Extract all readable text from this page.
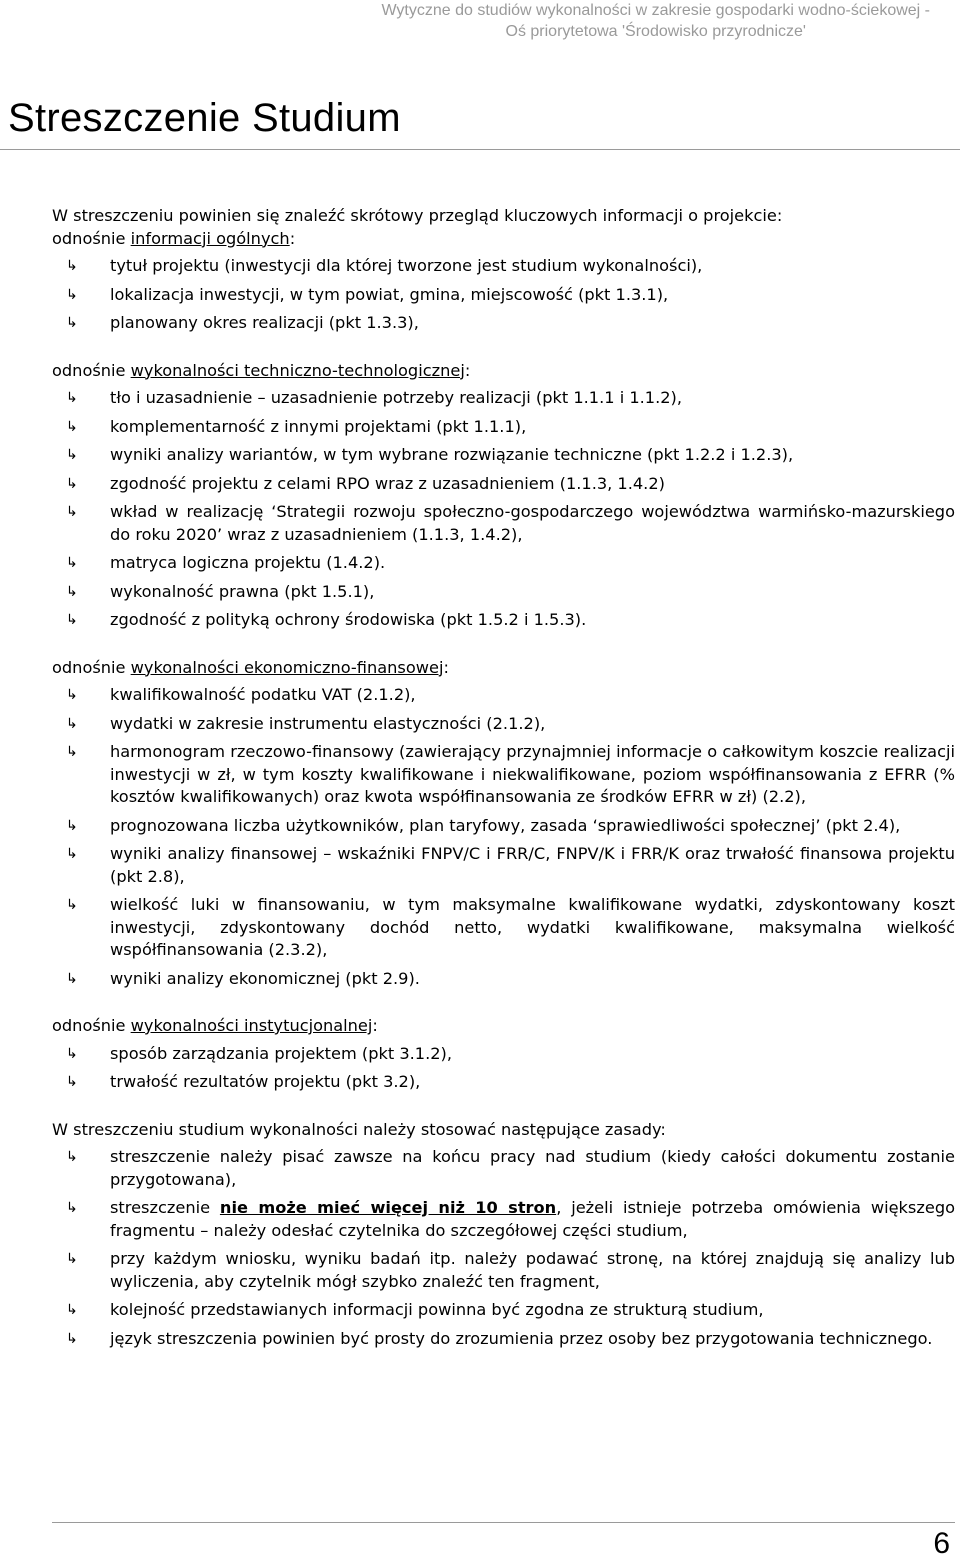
Wytyczne do studiów wykonalności w zakresie gospodarki wodno-ściekowej -
Oś priorytetowa 'Środowisko przyrodnicze'
Streszczenie Studium

W streszczeniu powinien się znaleźć skrótowy przegląd kluczowych informacji o projekcie:

odnośnie informacji ogólnych:

↳ tytuł projektu (inwestycji dla której tworzone jest studium wykonalności),
↳ lokalizacja inwestycji, w tym powiat, gmina, miejscowość (pkt 1.3.1),
↳ planowany okres realizacji (pkt 1.3.3),

odnośnie wykonalności techniczno-technologicznej:

↳ tło i uzasadnienie – uzasadnienie potrzeby realizacji (pkt 1.1.1 i 1.1.2),
↳ komplementarność z innymi projektami (pkt 1.1.1),
↳ wyniki analizy wariantów, w tym wybrane rozwiązanie techniczne (pkt 1.2.2 i 1.2.3),
↳ zgodność projektu z celami RPO wraz z uzasadnieniem (1.1.3, 1.4.2)
↳ wkład w realizację ‘Strategii rozwoju społeczno-gospodarczego województwa warmińsko-mazurskiego do roku 2020’ wraz z uzasadnieniem (1.1.3, 1.4.2),
↳ matryca logiczna projektu (1.4.2).
↳ wykonalność prawna (pkt 1.5.1),
↳ zgodność z polityką ochrony środowiska (pkt 1.5.2 i 1.5.3).

odnośnie wykonalności ekonomiczno-finansowej:

↳ kwalifikowalność podatku VAT (2.1.2),
↳ wydatki w zakresie instrumentu elastyczności (2.1.2),
↳ harmonogram rzeczowo-finansowy (zawierający przynajmniej informacje o całkowitym koszcie realizacji inwestycji w zł, w tym koszty kwalifikowane i niekwalifikowane, poziom współfinansowania z EFRR (% kosztów kwalifikowanych) oraz kwota współfinansowania ze środków EFRR w zł) (2.2),
↳ prognozowana liczba użytkowników, plan taryfowy, zasada ‘sprawiedliwości społecznej’ (pkt 2.4),
↳ wyniki analizy finansowej – wskaźniki FNPV/C i FRR/C, FNPV/K i FRR/K oraz trwałość finansowa projektu (pkt 2.8),
↳ wielkość luki w finansowaniu, w tym maksymalne kwalifikowane wydatki, zdyskontowany koszt inwestycji, zdyskontowany dochód netto, wydatki kwalifikowane, maksymalna wielkość współfinansowania (2.3.2),
↳ wyniki analizy ekonomicznej (pkt 2.9).

odnośnie wykonalności instytucjonalnej:

↳ sposób zarządzania projektem (pkt 3.1.2),
↳ trwałość rezultatów projektu (pkt 3.2),

W streszczeniu studium wykonalności należy stosować następujące zasady:

↳ streszczenie należy pisać zawsze na końcu pracy nad studium (kiedy całości dokumentu zostanie przygotowana),
↳ streszczenie nie może mieć więcej niż 10 stron, jeżeli istnieje potrzeba omówienia większego fragmentu – należy odesłać czytelnika do szczegółowej części studium,
↳ przy każdym wniosku, wyniku badań itp. należy podawać stronę, na której znajdują się analizy lub wyliczenia, aby czytelnik mógł szybko znaleźć ten fragment,
↳ kolejność przedstawianych informacji powinna być zgodna ze strukturą studium,
↳ język streszczenia powinien być prosty do zrozumienia przez osoby bez przygotowania technicznego.
6
